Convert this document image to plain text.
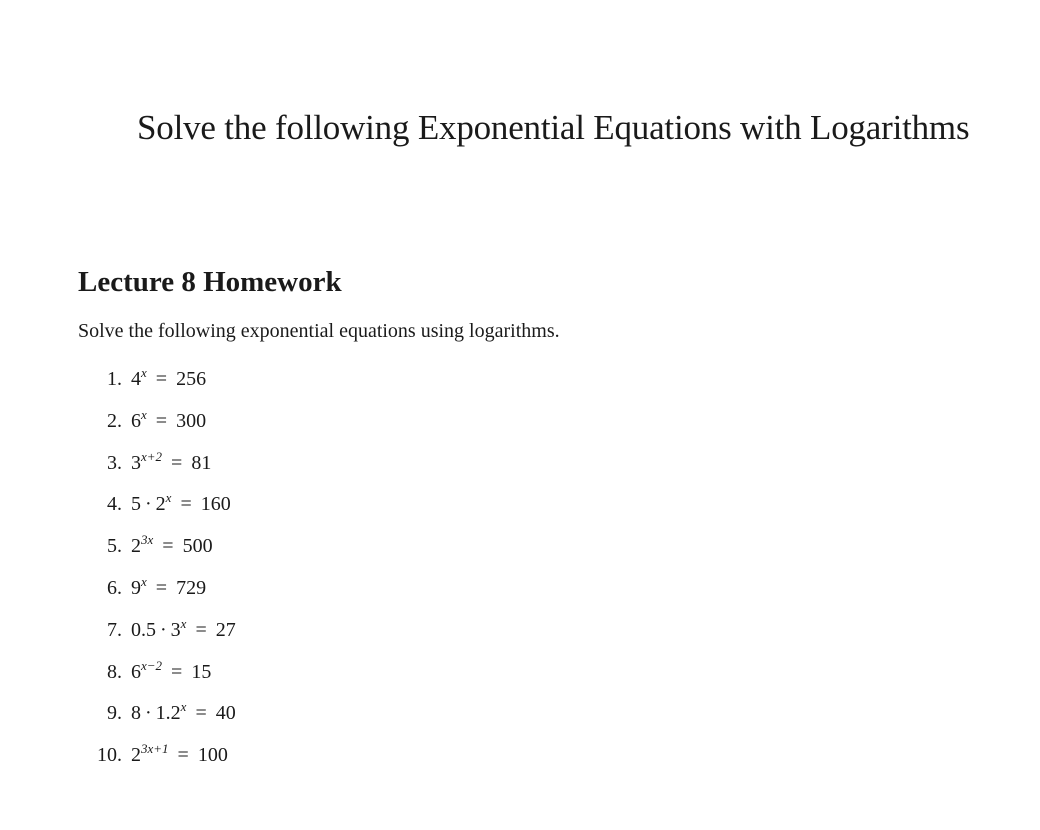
Solve the following Exponential Equations with Logarithms
Lecture 8 Homework
Solve the following exponential equations using logarithms.
1. $4^x = 256$
2. $6^x = 300$
3. $3^{x+2} = 81$
4. $5 \cdot 2^x = 160$
5. $2^{3x} = 500$
6. $9^x = 729$
7. $0.5 \cdot 3^x = 27$
8. $6^{x-2} = 15$
9. $8 \cdot 1.2^x = 40$
10. $2^{3x+1} = 100$
